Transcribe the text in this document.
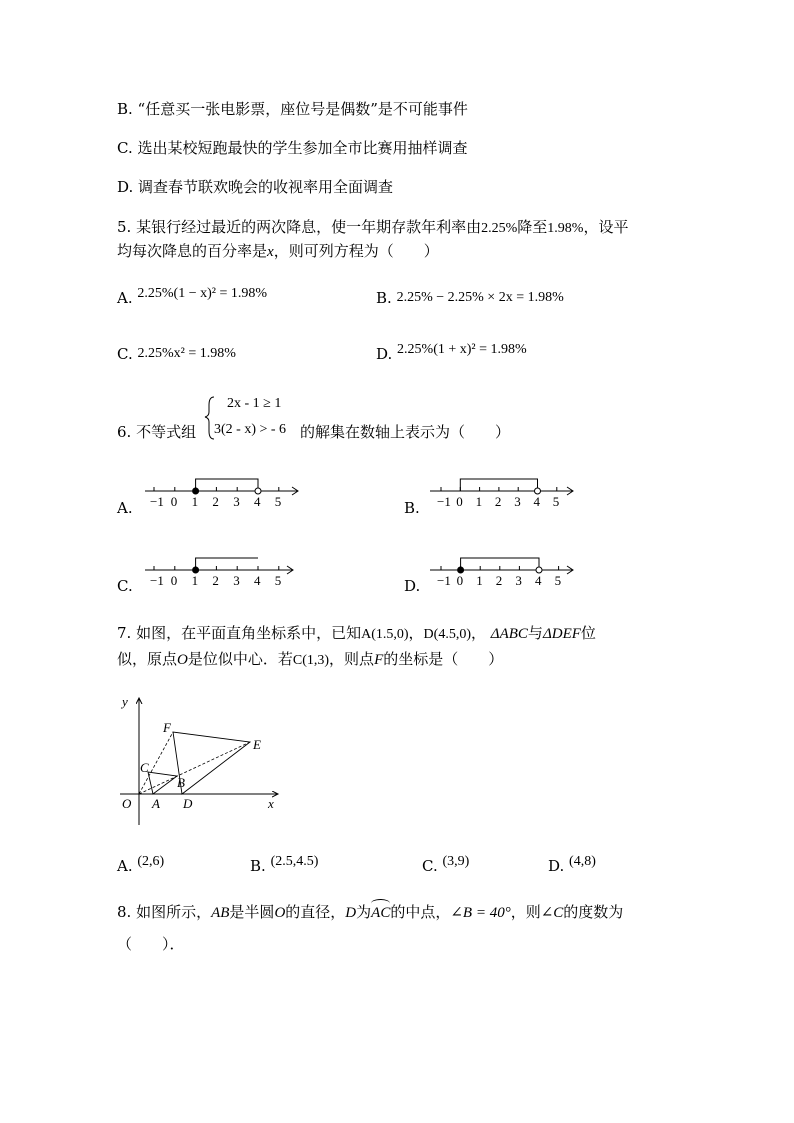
B. “任意买一张电影票，座位号是偶数”是不可能事件
C. 选出某校短跑最快的学生参加全市比赛用抽样调查
D. 调查春节联欢晚会的收视率用全面调查
5. 某银行经过最近的两次降息，使一年期存款年利率由2.25%降至1.98%，设平
均每次降息的百分率是x，则可列方程为（　　）
A. 2.25%(1 − x)² = 1.98%	B. 2.25% − 2.25% × 2x = 1.98%
C. 2.25%x² = 1.98%	D. 2.25%(1 + x)² = 1.98%
6. 不等式组
2x - 1 ≥ 1
3(2 - x) > - 6 的解集在数轴上表示为（　　）
A.	B.
C.	D.
−1 0 1 2 3 4 5	−1 0 1 2 3 4 5
−1 0 1 2 3 4 5	−1 0 1 2 3 4 5
7. 如图，在平面直角坐标系中，已知A(1.5,0)，D(4.5,0)， ΔABC与ΔDEF位
似，原点O是位似中心．若C(1,3)，则点F的坐标是（　　）
y
x
O A
B
C
D
E
F
A. (2,6)	B. (2.5,4.5)	C. (3,9)	D. (4,8)
8. 如图所示，AB是半圆O的直径，D为
AC的中点，∠B = 40°，则∠C的度数为
（　　）．
